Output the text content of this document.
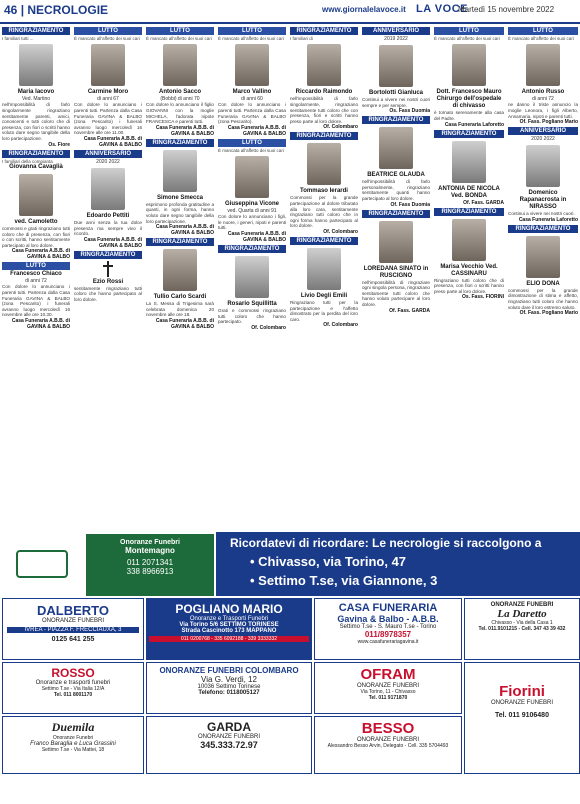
46 | NECROLOGIE	www.giornalelavoce.it LA VOCE
Martedì 15 novembre 2022
RINGRAZIAMENTO
I familiari tutti ...
Maria Iacovo
Ved. Martino
nell'impossibilità di farlo singolarmente ringraziano sentitamente parenti, amici, conoscenti e tutti coloro che di presenza, con fiori o scritti hanno voluto dare segno tangibile della loro partecipazione.
Os. Fiore
RINGRAZIAMENTO
I familiari della compianta
Giovanna Cavaglià
ved. Camoletto
commossi e grati ringraziano tutti coloro che di presenza, con fiori o con scritti, hanno sentitamente partecipato al loro dolore.
Casa Funeraria A.B.B. di GAVINA & BALBO
LUTTO
Francesco Chiaco
di anni 72
Con dolore lo annunciano i parenti tutti. Partenza dalla Casa Funeraria GAVINA & BALBO (zona Pescarito) i funerali avranno luogo mercoledì 16 novembre alle ore 10.30.
Casa Funeraria A.B.B. di GAVINA & BALBO
LUTTO
È mancato all'affetto dei suoi cari
Carmine Moro
di anni 67
Con dolore lo annunciano i parenti tutti. Partenza dalla Casa Funeraria GAVINA & BALBO (zona Pescarito) i funerali avranno luogo mercoledì 16 novembre alle ore 11.00.
Casa Funeraria A.B.B. di GAVINA & BALBO
ANNIVERSARIO
2020 2022
Edoardo Pettiti
Due anni senza la tua dolce presenza ma sempre vivo il ricordo.
Casa Funeraria A.B.B. di GAVINA & BALBO
RINGRAZIAMENTO
Ezio Rossi
sentitamente ringraziano tutti coloro che hanno partecipato al loro dolore.
LUTTO
È mancato all'affetto dei suoi cari
Antonio Sacco
(Bobbi) di anni 70
Con dolore lo annunciano il figlio GIOVANNI con la moglie MICHELA, l'adorata nipote FRANCESCA e parenti tutti.
Casa Funeraria A.B.B. di GAVINA & BALBO
RINGRAZIAMENTO
Simone Smecca
esprimono profonda gratitudine a quanti, in ogni forma, hanno voluto dare segno tangibile della loro partecipazione.
Casa Funeraria A.B.B. di GAVINA & BALBO
RINGRAZIAMENTO
Tullio Carlo Scardi
La S. Messa di Trigesima sarà celebrata domenica 20 novembre alle ore 18.
Casa Funeraria A.B.B. di GAVINA & BALBO
LUTTO
È mancato all'affetto dei suoi cari
Marco Vallino
di anni 60
Con dolore lo annunciano i parenti tutti. Partenza dalla Casa Funeraria GAVINA & BALBO (zona Pescarito).
Casa Funeraria A.B.B. di GAVINA & BALBO
LUTTO
È mancata all'affetto dei suoi cari
Giuseppina Vicone
ved. Quarta di anni 91
Con dolore lo annunciano i figli, le nuore, i generi, nipoti e parenti tutti.
Casa Funeraria A.B.B. di GAVINA & BALBO
RINGRAZIAMENTO
Rosario Squillitta
Grati e commossi ringraziano tutti coloro che hanno partecipato.
Of. Colombaro
RINGRAZIAMENTO
I familiari di
Riccardo Raimondo
nell'impossibilità di farlo singolarmente, ringraziano sentitamente tutti coloro che con presenza, fiori e scritti hanno preso parte al loro dolore.
Of. Colombaro
RINGRAZIAMENTO
Tommaso Ierardi
Commossi per la grande partecipazione al dolore tributato alla loro cara, sentitamente ringraziano tutti coloro che in ogni forma hanno partecipato al loro dolore.
Of. Colombaro
RINGRAZIAMENTO
Livio Degli Emili
Ringraziano tutti per la partecipazione e l'affetto dimostrato per la perdita del loro caro.
Of. Colombaro
ANNIVERSARIO
2019 2022
Bortolotti Gianluca
Continui a vivere nei nostri cuori sempre e per sempre.
Os. Fass Duomia
RINGRAZIAMENTO
BEATRICE GLAUDA
nell'impossibilità di farlo personalmente, ringraziano sentitamente quanti hanno partecipato al loro dolore.
Of. Fass Duomia
RINGRAZIAMENTO
LOREDANA SINATO in RUSCIGNO
nell'impossibilità di ringraziare ogni singola persona, ringraziano sentitamente tutti coloro che hanno voluto partecipare al loro dolore.
Of. Fass. GARDA
LUTTO
È mancato all'affetto dei suoi cari
Dott. Francesco Mauro Chirurgo dell'ospedale di chivasso
è tornato serenamente alla casa del Padre.
Casa Funeraria Laforetto
RINGRAZIAMENTO
ANTONIA DE NICOLA Ved. BONDA
Of. Fass. GARDA
RINGRAZIAMENTO
Marisa Vecchio Ved. CASSINARU
Ringraziano tutti coloro che di presenza, con fiori o scritti hanno preso parte al loro dolore.
Os. Fass. FIORINI
LUTTO
È mancato all'affetto dei suoi cari
Antonio Russo
di anni 72
ne danno il triste annuncio la moglie Leonora, i figli Alberto, Annamaria, nipoti e parenti tutti.
Of. Fass. Pogliano Mario
ANNIVERSARIO
2020 2022
Domenico Rapanacrosta in NIRASSO
Continui a vivere nei nostri cuori.
Casa Funeraria Laforetto
RINGRAZIAMENTO
ELIO DONA
commossi per la grande dimostrazione di stima e affetto, ringraziano tutti coloro che hanno voluto dare il loro estremo saluto.
Of. Fass. Pogliano Mario
Onoranze Funebri
Montemagno
011 2071341
338 8966913
Ricordatevi di ricordare: Le necrologie si raccolgono a
• Chivasso, via Torino, 47
• Settimo T.se, via Giannone, 3
DALBERTO
ONORANZE FUNEBRI
IVREA - PIAZZA F. FRECCIAUXA, 3
0125 641 255
POGLIANO MARIO
Onoranze e Trasporti Funebri
Via Torino 5/6 SETTIMO TORINESE
Strada Cascinotto 173 MAPPANO
011 0200768 - 335 6092188 - 339 3333332
CASA FUNERARIA
Gavina & Balbo - A.B.B.
Settimo T.se - S. Mauro T.se - Torino
011/8978357
www.casafunerariagavina.it
ONORANZE FUNEBRI
La Daretto
Chivasso - Via della Casa 1
Tel. 011.9101215 - Cell. 347 43 39 432
ROSSO
Onoranze e trasporti funebri
Settimo T.se - Via Italia 12/A
Tel. 011 8001170
ONORANZE FUNEBRI COLOMBARO
Via G. Verdi, 12
10036 Settimo Torinese
Telefono: 0118005127
OFRAM
ONORANZE FUNEBRI
Via Torino, 11 - Chivasso
Tel. 011 9171870
Duemila
Onoranze Funebri
Franco Baraglia e Luca Grassini
Settimo T.se - Via Mattei, 18
GARDA
ONORANZE FUNEBRI
345.333.72.97
BESSO
ONORANZE FUNEBRI
Alessandro Besso Arvin, Delegato - Cell. 335 5704493
Fiorini
ONORANZE FUNEBRI
Tel. 011 9106480
